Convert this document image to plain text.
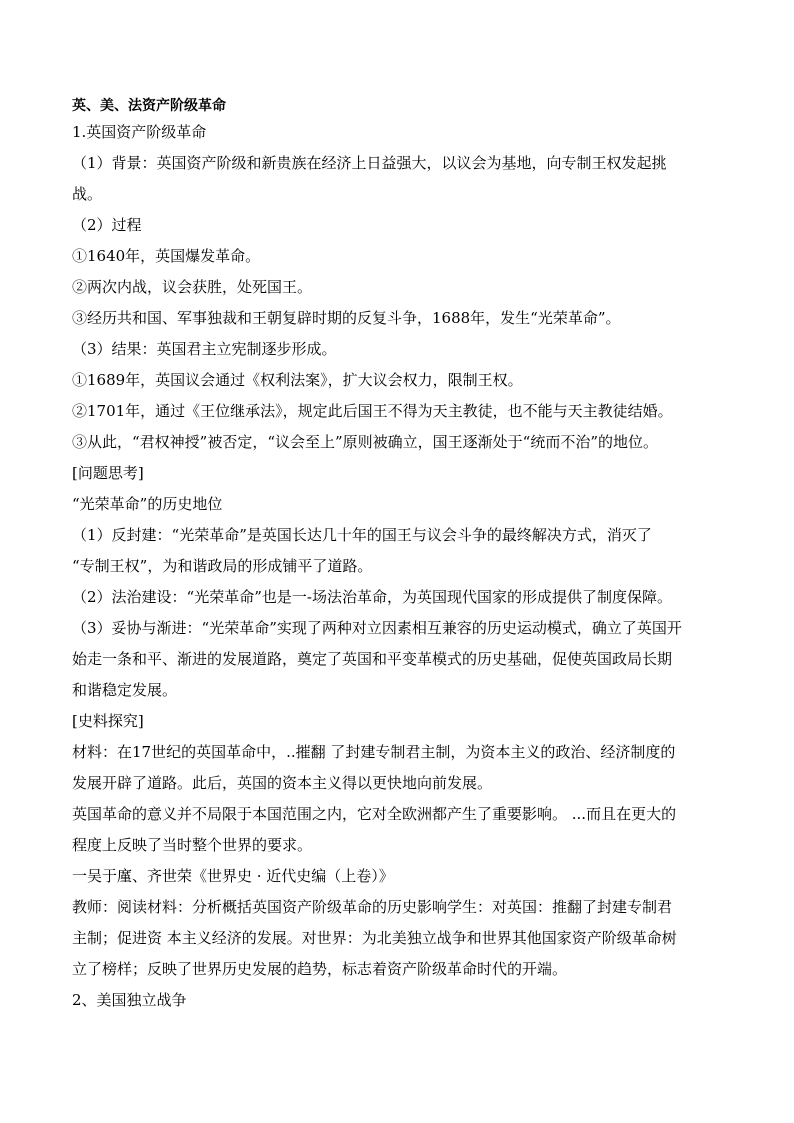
英、美、法资产阶级革命
1.英国资产阶级革命
（1）背景：英国资产阶级和新贵族在经济上日益强大，以议会为基地，向专制王权发起挑
战。
（2）过程
①1640年，英国爆发革命。
②两次内战，议会获胜，处死国王。
③经历共和国、军事独裁和王朝复辟时期的反复斗争，1688年，发生“光荣革命”。
（3）结果：英国君主立宪制逐步形成。
①1689年，英国议会通过《权利法案》，扩大议会权力，限制王权。
②1701年，通过《王位继承法》，规定此后国王不得为天主教徒，也不能与天主教徒结婚。
③从此，“君权神授”被否定，“议会至上”原则被确立，国王逐渐处于“统而不治”的地位。
[问题思考]
“光荣革命”的历史地位
（1）反封建：“光荣革命”是英国长达几十年的国王与议会斗争的最终解决方式，消灭了
“专制王权”，为和谐政局的形成铺平了道路。
（2）法治建设：“光荣革命”也是一-场法治革命，为英国现代国家的形成提供了制度保障。
（3）妥协与渐进：“光荣革命”实现了两种对立因素相互兼容的历史运动模式，确立了英国开
始走一条和平、渐进的发展道路，奠定了英国和平变革模式的历史基础，促使英国政局长期
和谐稳定发展。
[史料探究]
材料：在17世纪的英国革命中，..摧翻 了封建专制君主制，为资本主义的政治、经济制度的
发展开辟了道路。此后，英国的资本主义得以更快地向前发展。
英国革命的意义并不局限于本国范围之内，它对全欧洲都产生了重要影响。 ...而且在更大的
程度上反映了当时整个世界的要求。
一吴于廑、齐世荣《世界史 · 近代史编（上卷）》
教师：阅读材料：分析概括英国资产阶级革命的历史影响学生：对英国：推翻了封建专制君
主制；促进资 本主义经济的发展。对世界：为北美独立战争和世界其他国家资产阶级革命树
立了榜样；反映了世界历史发展的趋势，标志着资产阶级革命时代的开端。
2、美国独立战争
